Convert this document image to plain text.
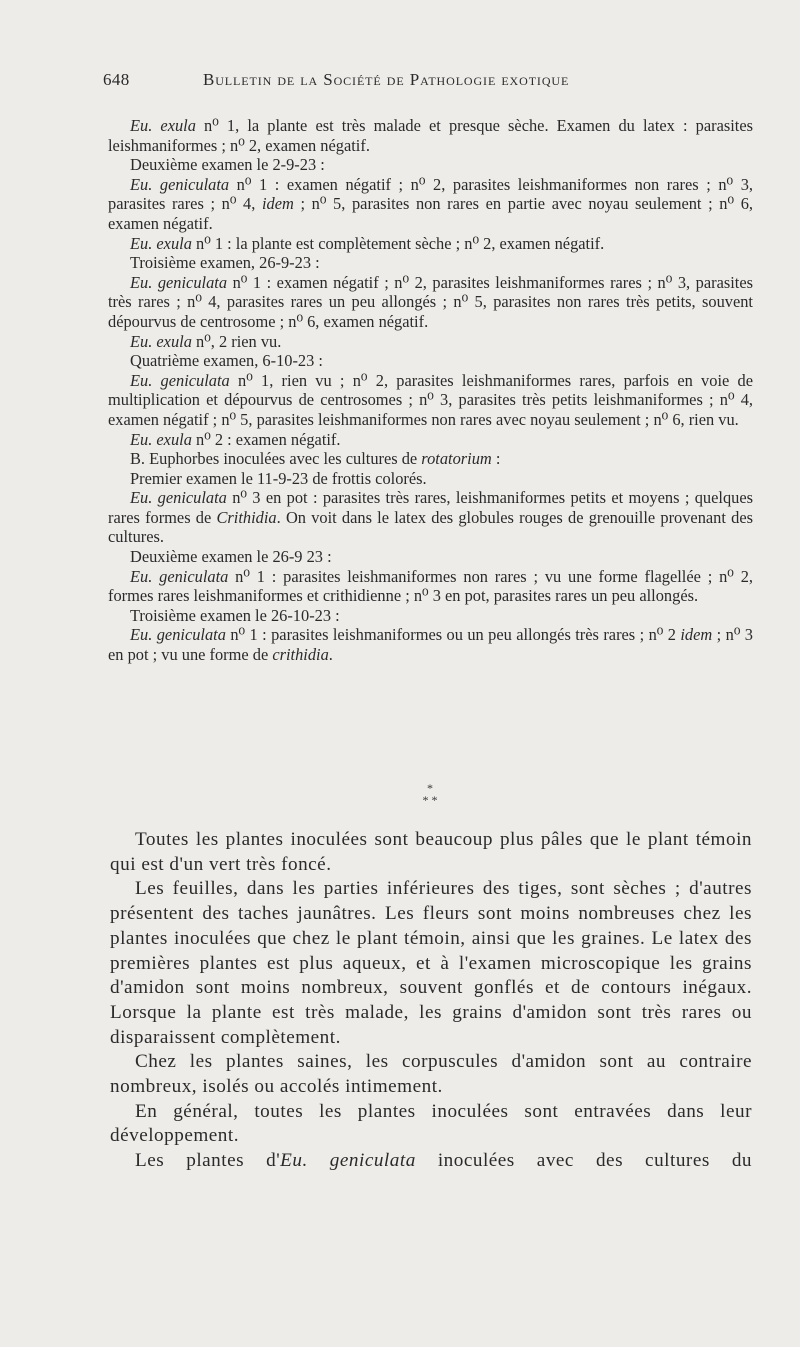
648	Bulletin de la Société de Pathologie exotique

Eu. exula n⁰ 1, la plante est très malade et presque sèche. Examen du latex : parasites leishmaniformes ; n⁰ 2, examen négatif.

Deuxième examen le 2-9-23 :

Eu. geniculata n⁰ 1 : examen négatif ; n⁰ 2, parasites leishmaniformes non rares ; n⁰ 3, parasites rares ; n⁰ 4, idem ; n⁰ 5, parasites non rares en partie avec noyau seulement ; n⁰ 6, examen négatif.

Eu. exula n⁰ 1 : la plante est complètement sèche ; n⁰ 2, examen négatif.

Troisième examen, 26-9-23 :

Eu. geniculata n⁰ 1 : examen négatif ; n⁰ 2, parasites leishmaniformes rares ; n⁰ 3, parasites très rares ; n⁰ 4, parasites rares un peu allongés ; n⁰ 5, parasites non rares très petits, souvent dépourvus de centrosome ; n⁰ 6, examen négatif.

Eu. exula n⁰, 2 rien vu.

Quatrième examen, 6-10-23 :

Eu. geniculata n⁰ 1, rien vu ; n⁰ 2, parasites leishmaniformes rares, parfois en voie de multiplication et dépourvus de centrosomes ; n⁰ 3, parasites très petits leishmaniformes ; n⁰ 4, examen négatif ; n⁰ 5, parasites leishmaniformes non rares avec noyau seulement ; n⁰ 6, rien vu.

Eu. exula n⁰ 2 : examen négatif.

B. Euphorbes inoculées avec les cultures de rotatorium :

Premier examen le 11-9-23 de frottis colorés.

Eu. geniculata n⁰ 3 en pot : parasites très rares, leishmaniformes petits et moyens ; quelques rares formes de Crithidia. On voit dans le latex des globules rouges de grenouille provenant des cultures.

Deuxième examen le 26-9 23 :

Eu. geniculata n⁰ 1 : parasites leishmaniformes non rares ; vu une forme flagellée ; n⁰ 2, formes rares leishmaniformes et crithidienne ; n⁰ 3 en pot, parasites rares un peu allongés.

Troisième examen le 26-10-23 :

Eu. geniculata n⁰ 1 : parasites leishmaniformes ou un peu allongés très rares ; n⁰ 2 idem ; n⁰ 3 en pot ; vu une forme de crithidia.

*
* *

Toutes les plantes inoculées sont beaucoup plus pâles que le plant témoin qui est d'un vert très foncé.

Les feuilles, dans les parties inférieures des tiges, sont sèches ; d'autres présentent des taches jaunâtres. Les fleurs sont moins nombreuses chez les plantes inoculées que chez le plant témoin, ainsi que les graines. Le latex des premières plantes est plus aqueux, et à l'examen microscopique les grains d'amidon sont moins nombreux, souvent gonflés et de contours inégaux. Lorsque la plante est très malade, les grains d'amidon sont très rares ou disparaissent complètement.

Chez les plantes saines, les corpuscules d'amidon sont au contraire nombreux, isolés ou accolés intimement.

En général, toutes les plantes inoculées sont entravées dans leur développement.

Les plantes d'Eu. geniculata inoculées avec des cultures du
